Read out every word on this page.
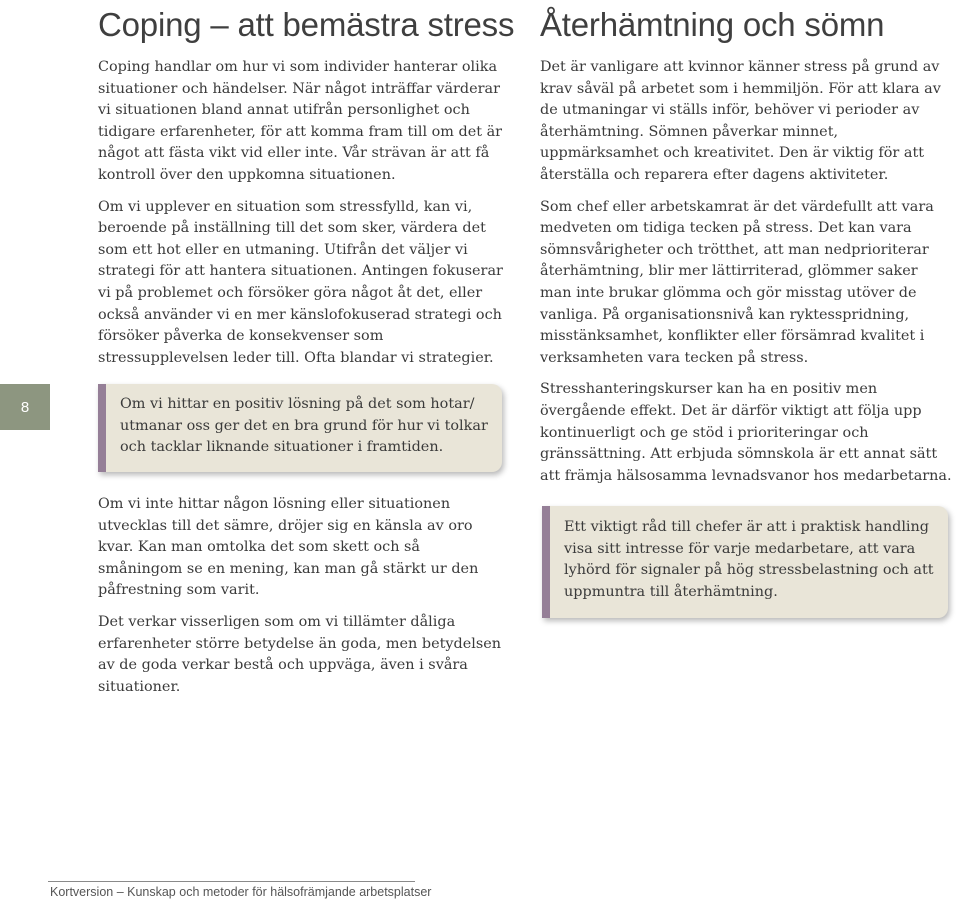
Coping – att bemästra stress

Coping handlar om hur vi som individer hanterar olika situationer och händelser. När något inträffar värderar vi situationen bland annat utifrån personlighet och tidigare erfarenheter, för att komma fram till om det är något att fästa vikt vid eller inte. Vår strävan är att få kontroll över den uppkomna situationen.

Om vi upplever en situation som stressfylld, kan vi, beroende på inställning till det som sker, värdera det som ett hot eller en utmaning. Utifrån det väljer vi strategi för att hantera situationen. Antingen fokuserar vi på problemet och försöker göra något åt det, eller också använder vi en mer känslofokuserad strategi och försöker påverka de konsekvenser som stressupplevelsen leder till. Ofta blandar vi strategier.

Om vi hittar en positiv lösning på det som hotar/ utmanar oss ger det en bra grund för hur vi tolkar och tacklar liknande situationer i framtiden.

Om vi inte hittar någon lösning eller situationen utvecklas till det sämre, dröjer sig en känsla av oro kvar. Kan man omtolka det som skett och så småningom se en mening, kan man gå stärkt ur den påfrestning som varit.

Det verkar visserligen som om vi tillämter dåliga erfarenheter större betydelse än goda, men betydelsen av de goda verkar bestå och uppväga, även i svåra situationer.

Återhämtning och sömn

Det är vanligare att kvinnor känner stress på grund av krav såväl på arbetet som i hemmiljön. För att klara av de utmaningar vi ställs inför, behöver vi perioder av återhämtning. Sömnen påverkar minnet, uppmärksamhet och kreativitet. Den är viktig för att återställa och reparera efter dagens aktiviteter.

Som chef eller arbetskamrat är det värdefullt att vara medveten om tidiga tecken på stress. Det kan vara sömnsvårigheter och trötthet, att man nedprioriterar återhämtning, blir mer lättirriterad, glömmer saker man inte brukar glömma och gör misstag utöver de vanliga. På organisationsnivå kan ryktesspridning, misstänksamhet, konflikter eller försämrad kvalitet i verksamheten vara tecken på stress.

Stresshanteringskurser kan ha en positiv men övergående effekt. Det är därför viktigt att följa upp kontinuerligt och ge stöd i prioriteringar och gränssättning. Att erbjuda sömnskola är ett annat sätt att främja hälsosamma levnadsvanor hos medarbetarna.

Ett viktigt råd till chefer är att i praktisk handling visa sitt intresse för varje medarbetare, att vara lyhörd för signaler på hög stressbelastning och att uppmuntra till återhämtning.

8
Kortversion – Kunskap och metoder för hälsofrämjande arbetsplatser
